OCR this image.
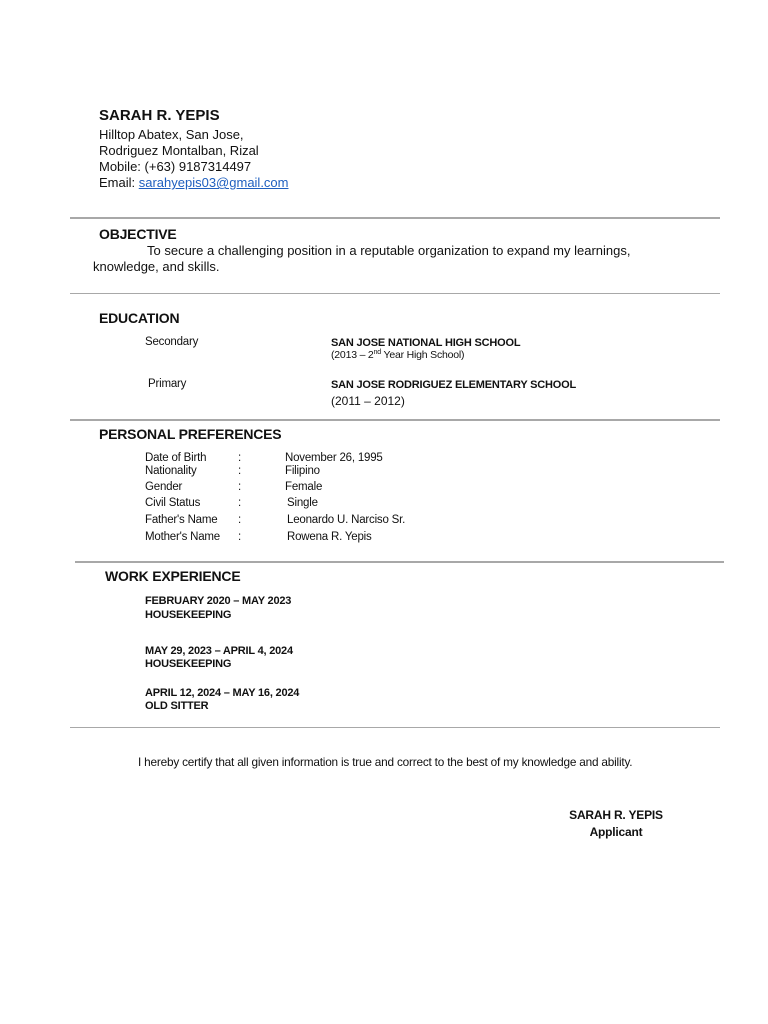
SARAH R. YEPIS
Hilltop Abatex, San Jose,
Rodriguez Montalban, Rizal
Mobile: (+63) 9187314497
Email: sarahyepis03@gmail.com
OBJECTIVE
To secure a challenging position in a reputable organization to expand my learnings,
knowledge, and skills.
EDUCATION
Secondary	SAN JOSE NATIONAL HIGH SCHOOL
(2013 – 2nd Year High School)
Primary	SAN JOSE RODRIGUEZ ELEMENTARY SCHOOL
(2011 – 2012)
PERSONAL PREFERENCES
Date of Birth	:	November 26, 1995
Nationality	:	Filipino
Gender	:	Female
Civil Status	:	Single
Father's Name :	Leonardo U. Narciso Sr.
Mother's Name :	Rowena R. Yepis
WORK EXPERIENCE
FEBRUARY 2020 – MAY 2023
HOUSEKEEPING
MAY 29, 2023 – APRIL 4, 2024
HOUSEKEEPING
APRIL 12, 2024 – MAY 16, 2024
OLD SITTER
I hereby certify that all given information is true and correct to the best of my knowledge and ability.
SARAH R. YEPIS
Applicant
